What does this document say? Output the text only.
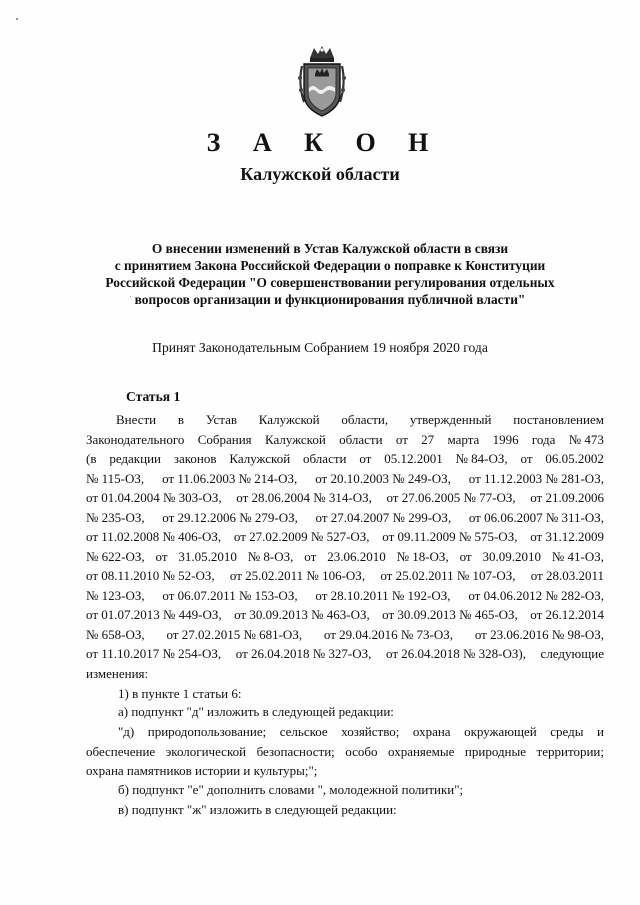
З А К О Н
Калужской области
О внесении изменений в Устав Калужской области в связи
с принятием Закона Российской Федерации о поправке к Конституции
Российской Федерации "О совершенствовании регулирования отдельных
вопросов организации и функционирования публичной власти"
Принят Законодательным Собранием 19 ноября 2020 года
Статья 1
Внести в Устав Калужской области, утвержденный постановлением
Законодательного Собрания Калужской области от 27 марта 1996 года № 473
(в редакции законов Калужской области от 05.12.2001 № 84-ОЗ, от 06.05.2002
№ 115-ОЗ, от 11.06.2003 № 214-ОЗ, от 20.10.2003 № 249-ОЗ, от 11.12.2003 № 281-ОЗ,
от 01.04.2004 № 303-ОЗ, от 28.06.2004 № 314-ОЗ, от 27.06.2005 № 77-ОЗ, от 21.09.2006
№ 235-ОЗ, от 29.12.2006 № 279-ОЗ, от 27.04.2007 № 299-ОЗ, от 06.06.2007 № 311-ОЗ,
от 11.02.2008 № 406-ОЗ, от 27.02.2009 № 527-ОЗ, от 09.11.2009 № 575-ОЗ, от 31.12.2009
№ 622-ОЗ, от 31.05.2010 № 8-ОЗ, от 23.06.2010 № 18-ОЗ, от 30.09.2010 № 41-ОЗ,
от 08.11.2010 № 52-ОЗ, от 25.02.2011 № 106-ОЗ, от 25.02.2011 № 107-ОЗ, от 28.03.2011
№ 123-ОЗ, от 06.07.2011 № 153-ОЗ, от 28.10.2011 № 192-ОЗ, от 04.06.2012 № 282-ОЗ,
от 01.07.2013 № 449-ОЗ, от 30.09.2013 № 463-ОЗ, от 30.09.2013 № 465-ОЗ, от 26.12.2014
№ 658-ОЗ, от 27.02.2015 № 681-ОЗ, от 29.04.2016 № 73-ОЗ, от 23.06.2016 № 98-ОЗ,
от 11.10.2017 № 254-ОЗ, от 26.04.2018 № 327-ОЗ, от 26.04.2018 № 328-ОЗ), следующие
изменения:
1) в пункте 1 статьи 6:
а) подпункт "д" изложить в следующей редакции:
"д) природопользование; сельское хозяйство; охрана окружающей среды и
обеспечение экологической безопасности; особо охраняемые природные территории;
охрана памятников истории и культуры;";
б) подпункт "е" дополнить словами ", молодежной политики";
в) подпункт "ж" изложить в следующей редакции:
